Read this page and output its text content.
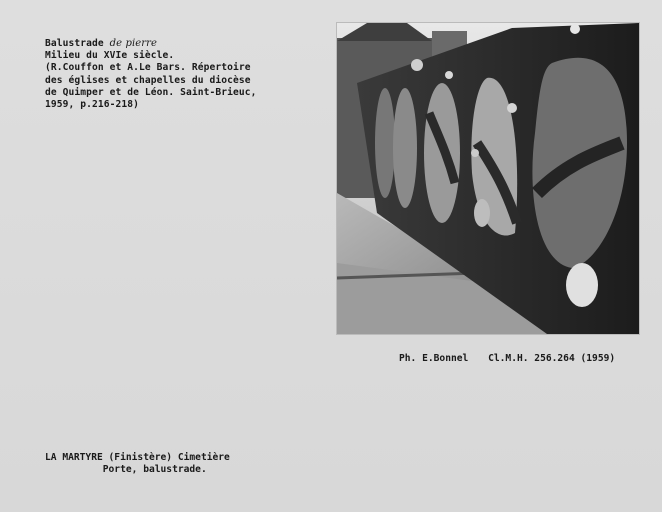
Balustrade de pierre
Milieu du XVIe siècle.
(R.Couffon et A.Le Bars. Répertoire
des églises et chapelles du diocèse
de Quimper et de Léon. Saint-Brieuc,
1959, p.216-218)
Ph. E.Bonnel Cl.M.H. 256.264 (1959)
LA MARTYRE (Finistère) Cimetière
Porte, balustrade.
